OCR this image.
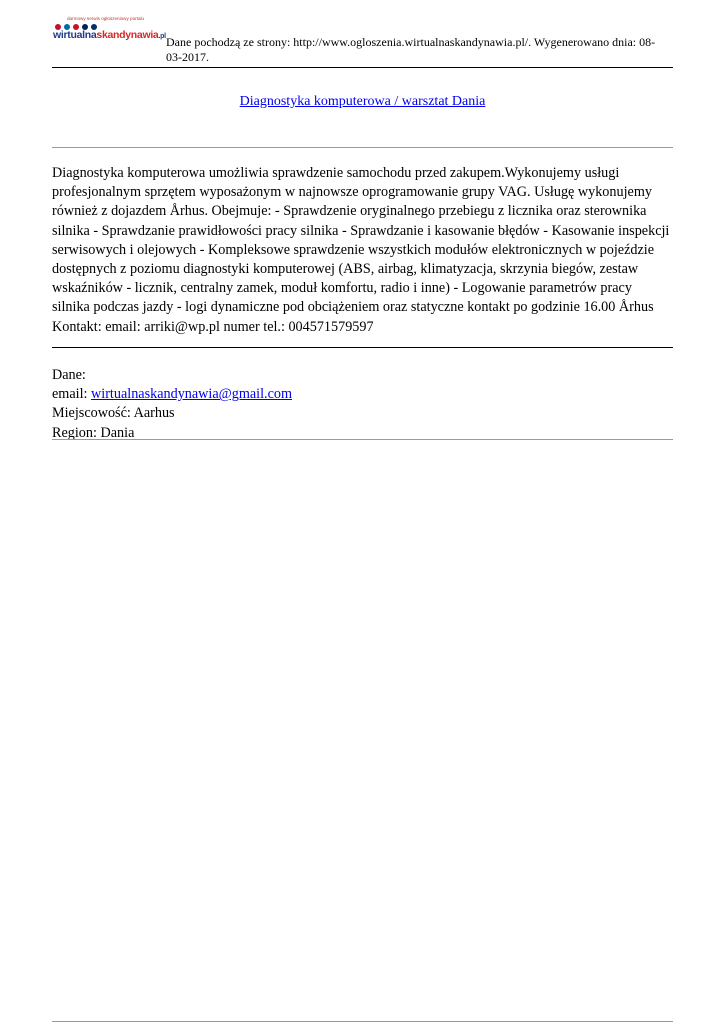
darmowy serwis ogłoszeniowy portalu
wirtualnaskandynawia.pl Dane pochodzą ze strony: http://www.ogloszenia.wirtualnaskandynawia.pl/. Wygenerowano dnia: 08-03-2017.
Diagnostyka komputerowa / warsztat Dania

Diagnostyka komputerowa umożliwia sprawdzenie samochodu przed zakupem.Wykonujemy usługi profesjonalnym sprzętem wyposażonym w najnowsze oprogramowanie grupy VAG. Usługę wykonujemy również z dojazdem Århus. Obejmuje: - Sprawdzenie oryginalnego przebiegu z licznika oraz sterownika silnika - Sprawdzanie prawidłowości pracy silnika - Sprawdzanie i kasowanie błędów - Kasowanie inspekcji serwisowych i olejowych - Kompleksowe sprawdzenie wszystkich modułów elektronicznych w pojeździe dostępnych z poziomu diagnostyki komputerowej (ABS, airbag, klimatyzacja, skrzynia biegów, zestaw wskaźników - licznik, centralny zamek, moduł komfortu, radio i inne) - Logowanie parametrów pracy silnika podczas jazdy - logi dynamiczne pod obciążeniem oraz statyczne kontakt po godzinie 16.00 Århus Kontakt: email: arriki@wp.pl numer tel.: 004571579597

Dane:
email: wirtualnaskandynawia@gmail.com
Miejscowość: Aarhus
Region: Dania
